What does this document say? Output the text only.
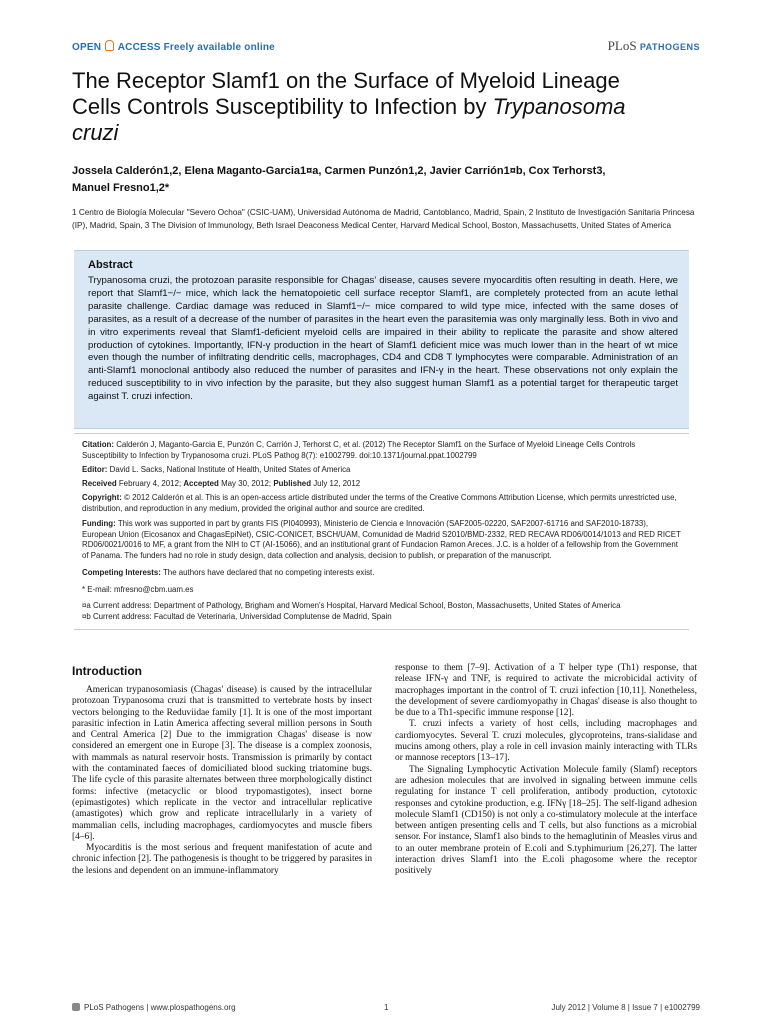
OPEN ACCESS Freely available online	PLoS PATHOGENS
The Receptor Slamf1 on the Surface of Myeloid Lineage
Cells Controls Susceptibility to Infection by Trypanosoma
cruzi
Jossela Calderón1,2, Elena Maganto-Garcia1¤a, Carmen Punzón1,2, Javier Carrión1¤b, Cox Terhorst3,
Manuel Fresno1,2*
1 Centro de Biología Molecular "Severo Ochoa" (CSIC-UAM), Universidad Autónoma de Madrid, Cantoblanco, Madrid, Spain, 2 Instituto de Investigación Sanitaria Princesa (IP), Madrid, Spain, 3 The Division of Immunology, Beth Israel Deaconess Medical Center, Harvard Medical School, Boston, Massachusetts, United States of America
Abstract
Trypanosoma cruzi, the protozoan parasite responsible for Chagas' disease, causes severe myocarditis often resulting in death. Here, we report that Slamf1−/− mice, which lack the hematopoietic cell surface receptor Slamf1, are completely protected from an acute lethal parasite challenge. Cardiac damage was reduced in Slamf1−/− mice compared to wild type mice, infected with the same doses of parasites, as a result of a decrease of the number of parasites in the heart even the parasitemia was only marginally less. Both in vivo and in vitro experiments reveal that Slamf1-deficient myeloid cells are impaired in their ability to replicate the parasite and show altered production of cytokines. Importantly, IFN-γ production in the heart of Slamf1 deficient mice was much lower than in the heart of wt mice even though the number of infiltrating dendritic cells, macrophages, CD4 and CD8 T lymphocytes were comparable. Administration of an anti-Slamf1 monoclonal antibody also reduced the number of parasites and IFN-γ in the heart. These observations not only explain the reduced susceptibility to in vivo infection by the parasite, but they also suggest human Slamf1 as a potential target for therapeutic target against T. cruzi infection.
Citation: Calderón J, Maganto-Garcia E, Punzón C, Carrión J, Terhorst C, et al. (2012) The Receptor Slamf1 on the Surface of Myeloid Lineage Cells Controls Susceptibility to Infection by Trypanosoma cruzi. PLoS Pathog 8(7): e1002799. doi:10.1371/journal.ppat.1002799
Editor: David L. Sacks, National Institute of Health, United States of America
Received February 4, 2012; Accepted May 30, 2012; Published July 12, 2012
Copyright: © 2012 Calderón et al. This is an open-access article distributed under the terms of the Creative Commons Attribution License, which permits unrestricted use, distribution, and reproduction in any medium, provided the original author and source are credited.
Funding: This work was supported in part by grants FIS (PI040993), Ministerio de Ciencia e Innovación (SAF2005-02220, SAF2007-61716 and SAF2010-18733), European Union (Eicosanox and ChagasEpiNet), CSIC-CONICET, BSCH/UAM, Comunidad de Madrid S2010/BMD-2332, RED RECAVA RD06/0014/1013 and RED RICET RD06/0021/0016 to MF, a grant from the NIH to CT (AI-15066), and an institutional grant of Fundacion Ramon Areces. J.C. is a holder of a fellowship from the Government of Panama. The funders had no role in study design, data collection and analysis, decision to publish, or preparation of the manuscript.
Competing Interests: The authors have declared that no competing interests exist.
* E-mail: mfresno@cbm.uam.es
¤a Current address: Department of Pathology, Brigham and Women's Hospital, Harvard Medical School, Boston, Massachusetts, United States of America
¤b Current address: Facultad de Veterinaria, Universidad Complutense de Madrid, Spain
Introduction

American trypanosomiasis (Chagas' disease) is caused by the intracellular protozoan Trypanosoma cruzi that is transmitted to vertebrate hosts by insect vectors belonging to the Reduviidae family [1]. It is one of the most important parasitic infection in Latin America affecting several million persons in South and Central America [2] Due to the immigration Chagas' disease is now considered an emergent one in Europe [3]. The disease is a complex zoonosis, with mammals as natural reservoir hosts. Transmission is primarily by contact with the contaminated faeces of domiciliated blood sucking triatomine bugs. The life cycle of this parasite alternates between three morphologically distinct forms: infective (metacyclic or blood trypomastigotes), insect borne (epimastigotes) which replicate in the vector and intracellular replicative (amastigotes) which grow and replicate intracellularly in a variety of mammalian cells, including macrophages, cardiomyocytes and muscle fibers [4–6].

Myocarditis is the most serious and frequent manifestation of acute and chronic infection [2]. The pathogenesis is thought to be triggered by parasites in the lesions and dependent on an immune-inflammatory

response to them [7–9]. Activation of a T helper type (Th1) response, that release IFN-γ and TNF, is required to activate the microbicidal activity of macrophages important in the control of T. cruzi infection [10,11]. Nonetheless, the development of severe cardiomyopathy in Chagas' disease is also thought to be due to a Th1-specific immune response [12].

T. cruzi infects a variety of host cells, including macrophages and cardiomyocytes. Several T. cruzi molecules, glycoproteins, trans-sialidase and mucins among others, play a role in cell invasion mainly interacting with TLRs or mannose receptors [13–17].

The Signaling Lymphocytic Activation Molecule family (Slamf) receptors are adhesion molecules that are involved in signaling between immune cells regulating for instance T cell proliferation, antibody production, cytotoxic responses and cytokine production, e.g. IFNγ [18–25]. The self-ligand adhesion molecule Slamf1 (CD150) is not only a co-stimulatory molecule at the interface between antigen presenting cells and T cells, but also functions as a microbial sensor. For instance, Slamf1 also binds to the hemaglutinin of Measles virus and to an outer membrane protein of E.coli and S.typhimurium [26,27]. The latter interaction drives Slamf1 into the E.coli phagosome where the receptor positively

PLoS Pathogens | www.plospathogens.org	1	July 2012 | Volume 8 | Issue 7 | e1002799
